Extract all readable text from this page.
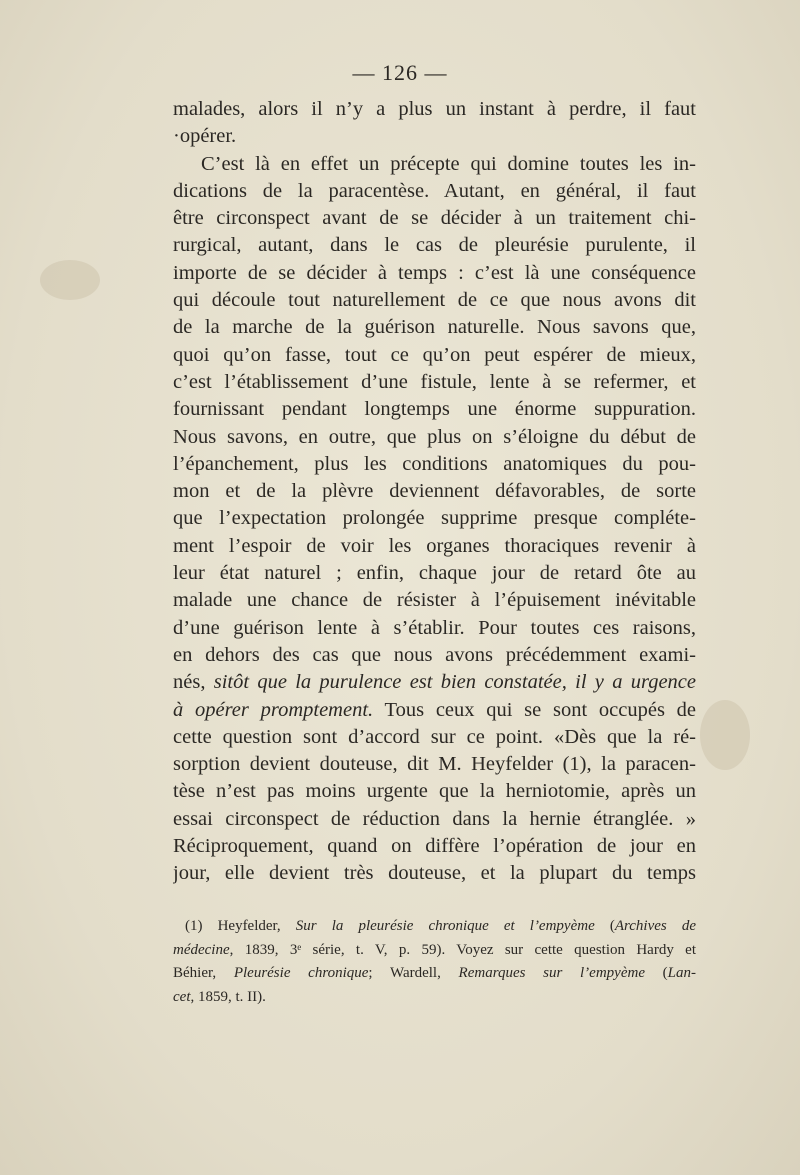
— 126 —
malades, alors il n’y a plus un instant à perdre, il faut
·opérer.
C’est là en effet un précepte qui domine toutes les in-
dications de la paracentèse. Autant, en général, il faut
être circonspect avant de se décider à un traitement chi-
rurgical, autant, dans le cas de pleurésie purulente, il
importe de se décider à temps : c’est là une conséquence
qui découle tout naturellement de ce que nous avons dit
de la marche de la guérison naturelle. Nous savons que,
quoi qu’on fasse, tout ce qu’on peut espérer de mieux,
c’est l’établissement d’une fistule, lente à se refermer, et
fournissant pendant longtemps une énorme suppuration.
Nous savons, en outre, que plus on s’éloigne du début de
l’épanchement, plus les conditions anatomiques du pou-
mon et de la plèvre deviennent défavorables, de sorte
que l’expectation prolongée supprime presque compléte-
ment l’espoir de voir les organes thoraciques revenir à
leur état naturel ; enfin, chaque jour de retard ôte au
malade une chance de résister à l’épuisement inévitable
d’une guérison lente à s’établir. Pour toutes ces raisons,
en dehors des cas que nous avons précédemment exami-
nés, sitôt que la purulence est bien constatée, il y a urgence
à opérer promptement. Tous ceux qui se sont occupés de
cette question sont d’accord sur ce point. «Dès que la ré-
sorption devient douteuse, dit M. Heyfelder (1), la paracen-
tèse n’est pas moins urgente que la herniotomie, après un
essai circonspect de réduction dans la hernie étranglée. »
Réciproquement, quand on diffère l’opération de jour en
jour, elle devient très douteuse, et la plupart du temps
(1) Heyfelder, Sur la pleurésie chronique et l’empyème (Archives de
médecine, 1839, 3ᵉ série, t. V, p. 59). Voyez sur cette question Hardy et
Béhier, Pleurésie chronique; Wardell, Remarques sur l’empyème (Lan-
cet, 1859, t. II).
